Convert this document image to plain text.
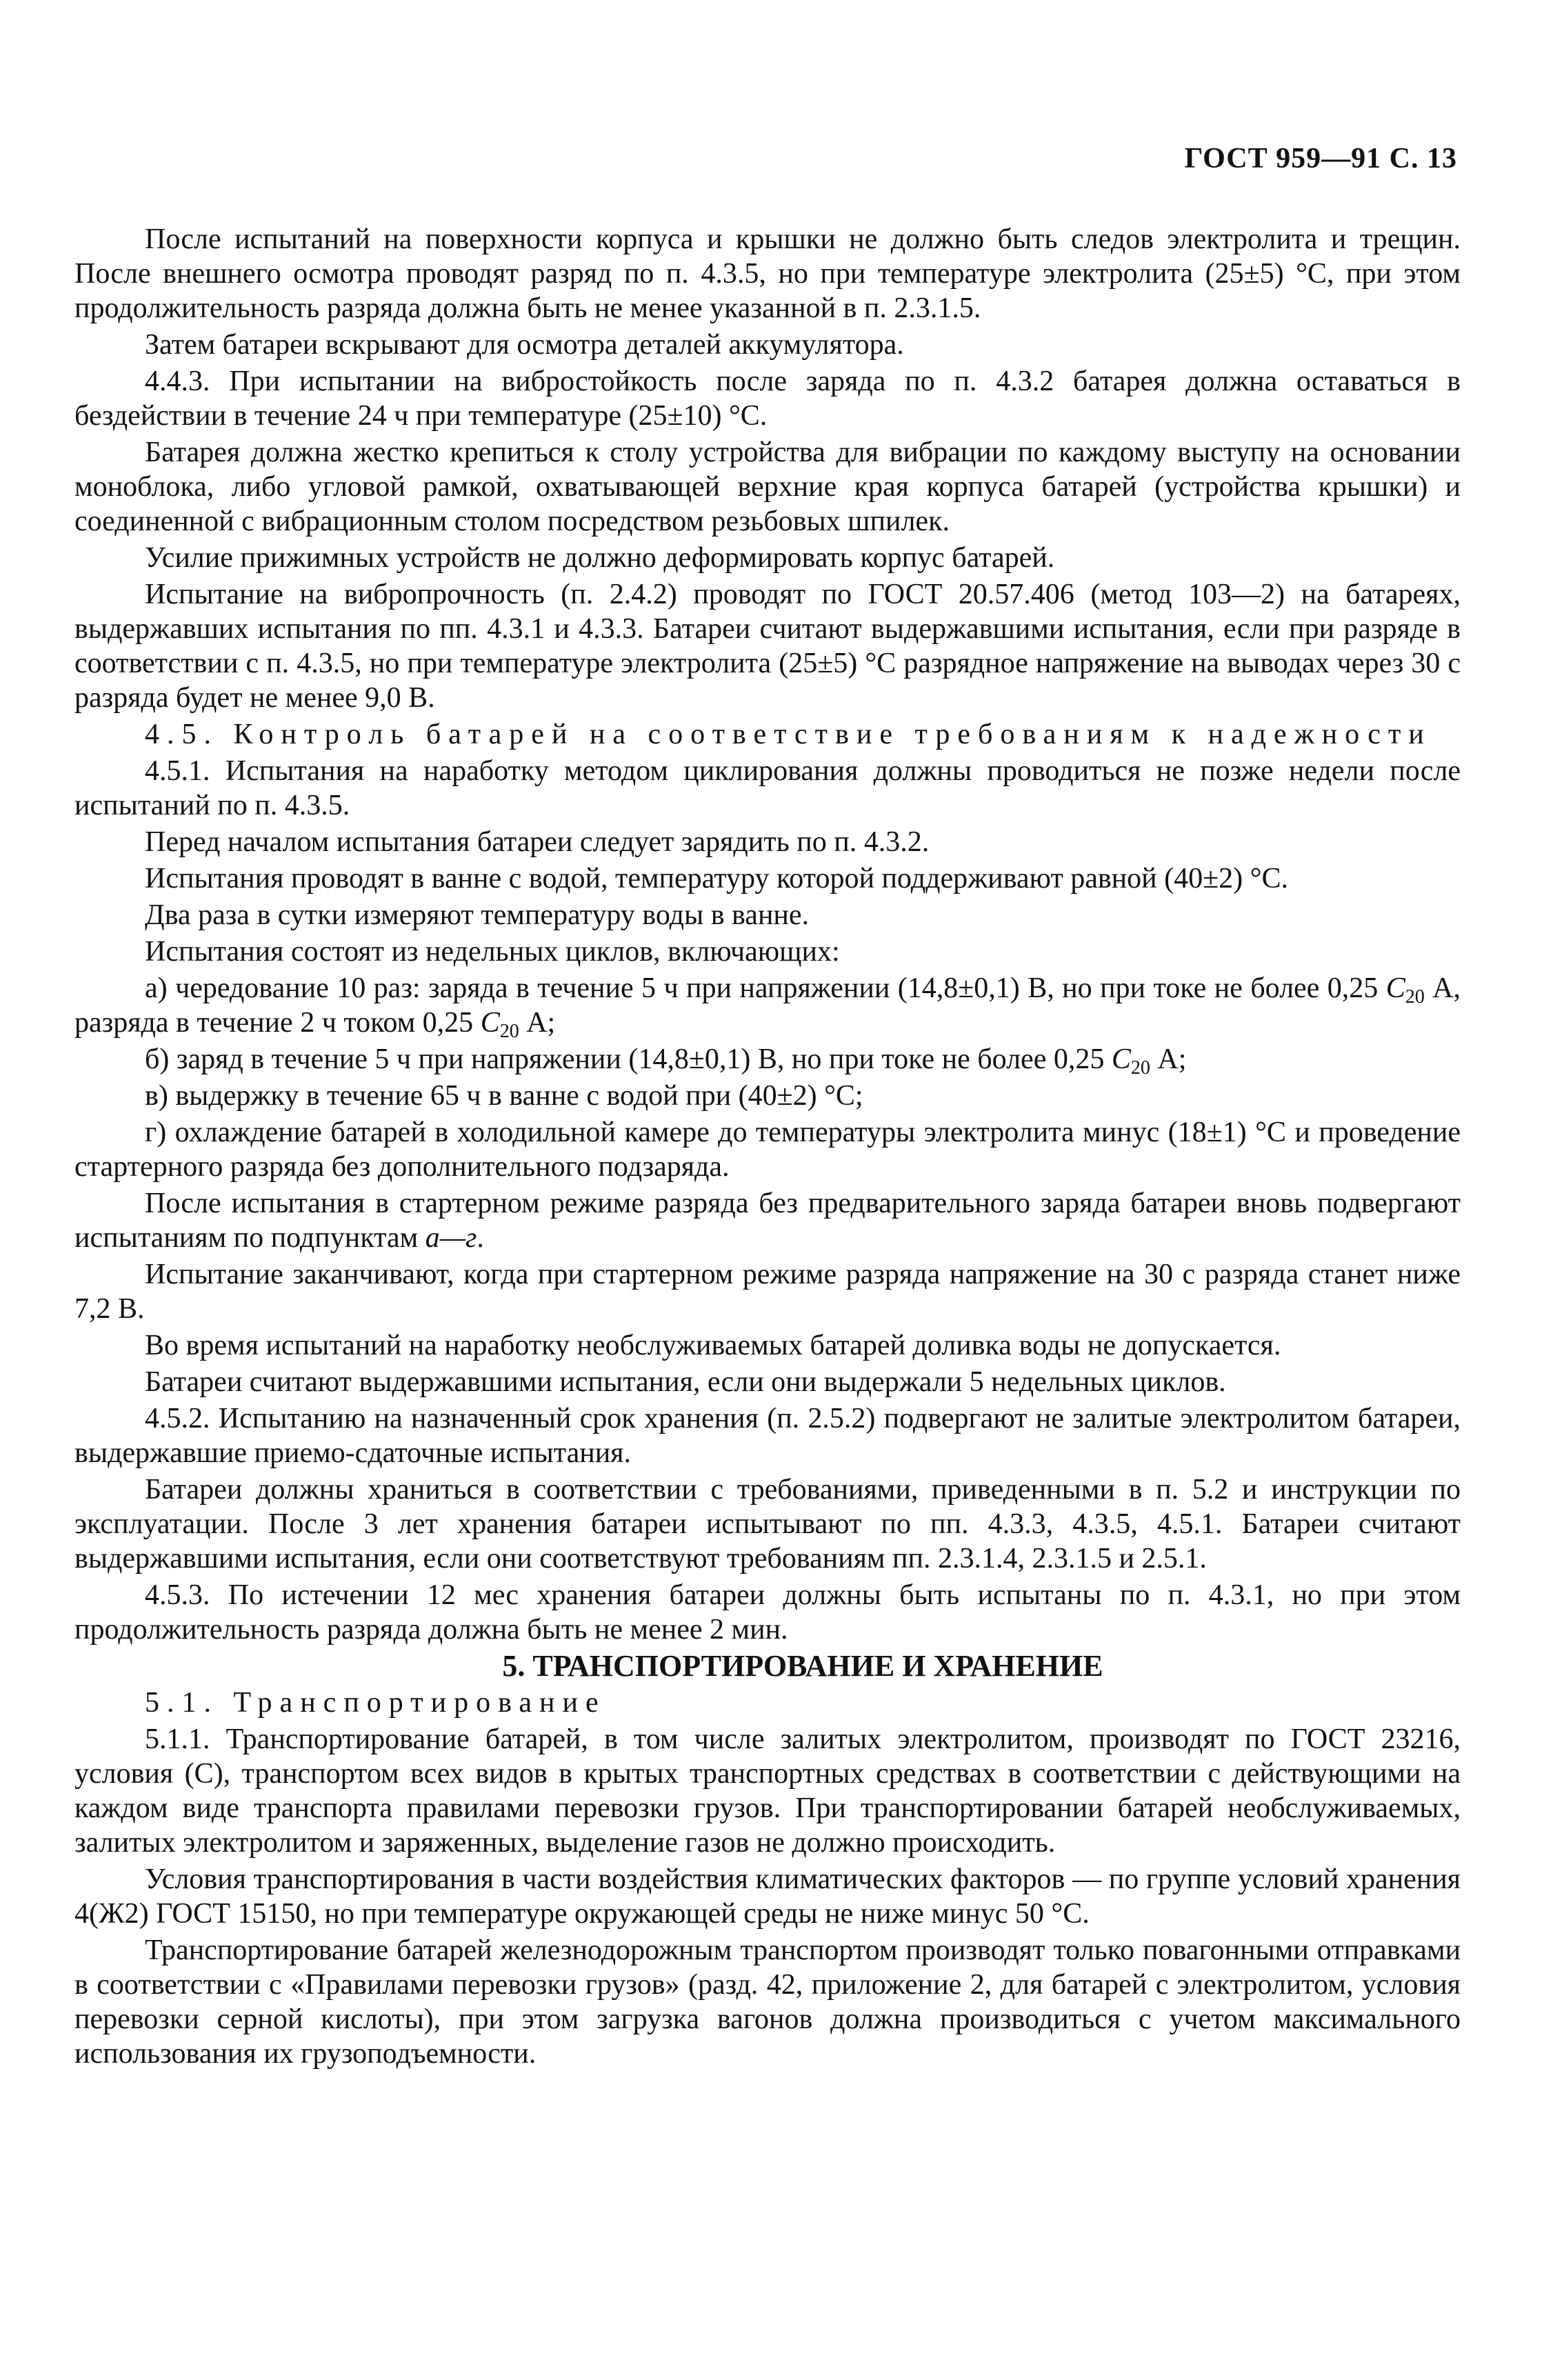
ГОСТ 959—91 С. 13

После испытаний на поверхности корпуса и крышки не должно быть следов электролита и трещин. После внешнего осмотра проводят разряд по п. 4.3.5, но при температуре электролита (25±5) °С, при этом продолжительность разряда должна быть не менее указанной в п. 2.3.1.5.

Затем батареи вскрывают для осмотра деталей аккумулятора.

4.4.3. При испытании на вибростойкость после заряда по п. 4.3.2 батарея должна оставаться в бездействии в течение 24 ч при температуре (25±10) °С.

Батарея должна жестко крепиться к столу устройства для вибрации по каждому выступу на основании моноблока, либо угловой рамкой, охватывающей верхние края корпуса батарей (устройства крышки) и соединенной с вибрационным столом посредством резьбовых шпилек.

Усилие прижимных устройств не должно деформировать корпус батарей.

Испытание на вибропрочность (п. 2.4.2) проводят по ГОСТ 20.57.406 (метод 103—2) на батареях, выдержавших испытания по пп. 4.3.1 и 4.3.3. Батареи считают выдержавшими испытания, если при разряде в соответствии с п. 4.3.5, но при температуре электролита (25±5) °С разрядное напряжение на выводах через 30 с разряда будет не менее 9,0 В.

4.5. Контроль батарей на соответствие требованиям к надежности

4.5.1. Испытания на наработку методом циклирования должны проводиться не позже недели после испытаний по п. 4.3.5.

Перед началом испытания батареи следует зарядить по п. 4.3.2.

Испытания проводят в ванне с водой, температуру которой поддерживают равной (40±2) °С.

Два раза в сутки измеряют температуру воды в ванне.

Испытания состоят из недельных циклов, включающих:

а) чередование 10 раз: заряда в течение 5 ч при напряжении (14,8±0,1) В, но при токе не более 0,25 $C_{20}$ А, разряда в течение 2 ч током 0,25 $C_{20}$ А;

б) заряд в течение 5 ч при напряжении (14,8±0,1) В, но при токе не более 0,25 $C_{20}$ А;

в) выдержку в течение 65 ч в ванне с водой при (40±2) °С;

г) охлаждение батарей в холодильной камере до температуры электролита минус (18±1) °С и проведение стартерного разряда без дополнительного подзаряда.

После испытания в стартерном режиме разряда без предварительного заряда батареи вновь подвергают испытаниям по подпунктам а—г.

Испытание заканчивают, когда при стартерном режиме разряда напряжение на 30 с разряда станет ниже 7,2 В.

Во время испытаний на наработку необслуживаемых батарей доливка воды не допускается.

Батареи считают выдержавшими испытания, если они выдержали 5 недельных циклов.

4.5.2. Испытанию на назначенный срок хранения (п. 2.5.2) подвергают не залитые электролитом батареи, выдержавшие приемо-сдаточные испытания.

Батареи должны храниться в соответствии с требованиями, приведенными в п. 5.2 и инструкции по эксплуатации. После 3 лет хранения батареи испытывают по пп. 4.3.3, 4.3.5, 4.5.1. Батареи считают выдержавшими испытания, если они соответствуют требованиям пп. 2.3.1.4, 2.3.1.5 и 2.5.1.

4.5.3. По истечении 12 мес хранения батареи должны быть испытаны по п. 4.3.1, но при этом продолжительность разряда должна быть не менее 2 мин.

5. ТРАНСПОРТИРОВАНИЕ И ХРАНЕНИЕ

5.1. Транспортирование

5.1.1. Транспортирование батарей, в том числе залитых электролитом, производят по ГОСТ 23216, условия (С), транспортом всех видов в крытых транспортных средствах в соответствии с действующими на каждом виде транспорта правилами перевозки грузов. При транспортировании батарей необслуживаемых, залитых электролитом и заряженных, выделение газов не должно происходить.

Условия транспортирования в части воздействия климатических факторов — по группе условий хранения 4(Ж2) ГОСТ 15150, но при температуре окружающей среды не ниже минус 50 °С.

Транспортирование батарей железнодорожным транспортом производят только повагонными отправками в соответствии с «Правилами перевозки грузов» (разд. 42, приложение 2, для батарей с электролитом, условия перевозки серной кислоты), при этом загрузка вагонов должна производиться с учетом максимального использования их грузоподъемности.
